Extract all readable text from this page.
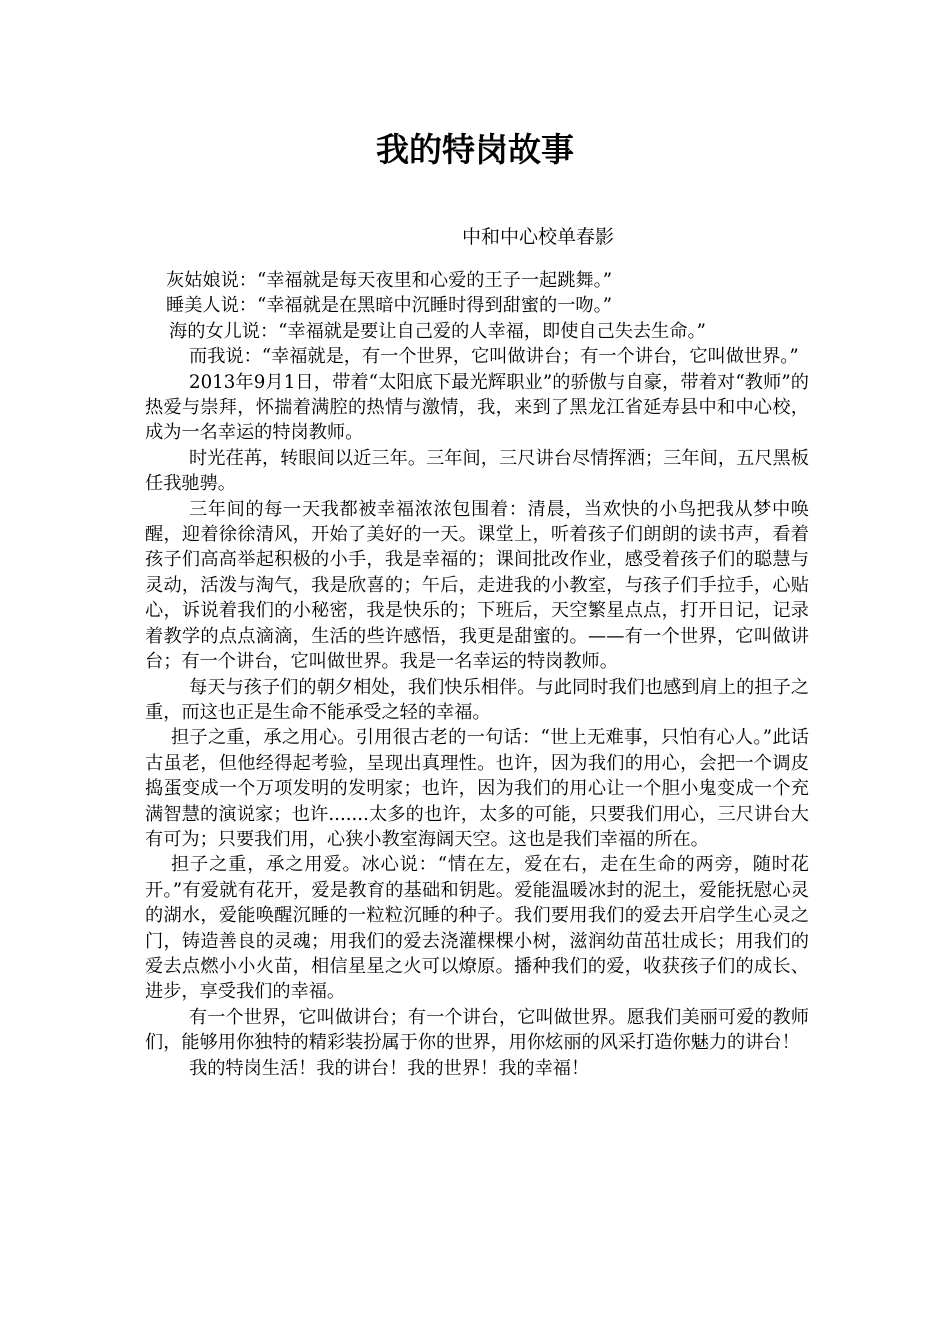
我的特岗故事
中和中心校单春影

灰姑娘说：“幸福就是每天夜里和心爱的王子一起跳舞。”

睡美人说：“幸福就是在黑暗中沉睡时得到甜蜜的一吻。”

海的女儿说：“幸福就是要让自己爱的人幸福，即使自己失去生命。”

而我说：“幸福就是，有一个世界，它叫做讲台；有一个讲台，它叫做世界。”

2013年9月1日，带着“太阳底下最光辉职业”的骄傲与自豪，带着对“教师”的热爱与崇拜，怀揣着满腔的热情与激情，我，来到了黑龙江省延寿县中和中心校，成为一名幸运的特岗教师。

时光荏苒，转眼间以近三年。三年间，三尺讲台尽情挥洒；三年间，五尺黑板任我驰骋。

三年间的每一天我都被幸福浓浓包围着：清晨，当欢快的小鸟把我从梦中唤醒，迎着徐徐清风，开始了美好的一天。课堂上，听着孩子们朗朗的读书声，看着孩子们高高举起积极的小手，我是幸福的；课间批改作业，感受着孩子们的聪慧与灵动，活泼与淘气，我是欣喜的；午后，走进我的小教室，与孩子们手拉手，心贴心，诉说着我们的小秘密，我是快乐的；下班后，天空繁星点点，打开日记，记录着教学的点点滴滴，生活的些许感悟，我更是甜蜜的。——有一个世界，它叫做讲台；有一个讲台，它叫做世界。我是一名幸运的特岗教师。

每天与孩子们的朝夕相处，我们快乐相伴。与此同时我们也感到肩上的担子之重，而这也正是生命不能承受之轻的幸福。

担子之重，承之用心。引用很古老的一句话：“世上无难事，只怕有心人。”此话古虽老，但他经得起考验，呈现出真理性。也许，因为我们的用心，会把一个调皮捣蛋变成一个万项发明的发明家；也许，因为我们的用心让一个胆小鬼变成一个充满智慧的演说家；也许.......太多的也许，太多的可能，只要我们用心，三尺讲台大有可为；只要我们用，心狭小教室海阔天空。这也是我们幸福的所在。

担子之重，承之用爱。冰心说：“情在左，爱在右，走在生命的两旁，随时花开。”有爱就有花开，爱是教育的基础和钥匙。爱能温暖冰封的泥土，爱能抚慰心灵的湖水，爱能唤醒沉睡的一粒粒沉睡的种子。我们要用我们的爱去开启学生心灵之门，铸造善良的灵魂；用我们的爱去浇灌棵棵小树，滋润幼苗茁壮成长；用我们的爱去点燃小小火苗，相信星星之火可以燎原。播种我们的爱，收获孩子们的成长、进步，享受我们的幸福。

有一个世界，它叫做讲台；有一个讲台，它叫做世界。愿我们美丽可爱的教师们，能够用你独特的精彩装扮属于你的世界，用你炫丽的风采打造你魅力的讲台！

我的特岗生活！我的讲台！我的世界！我的幸福！
